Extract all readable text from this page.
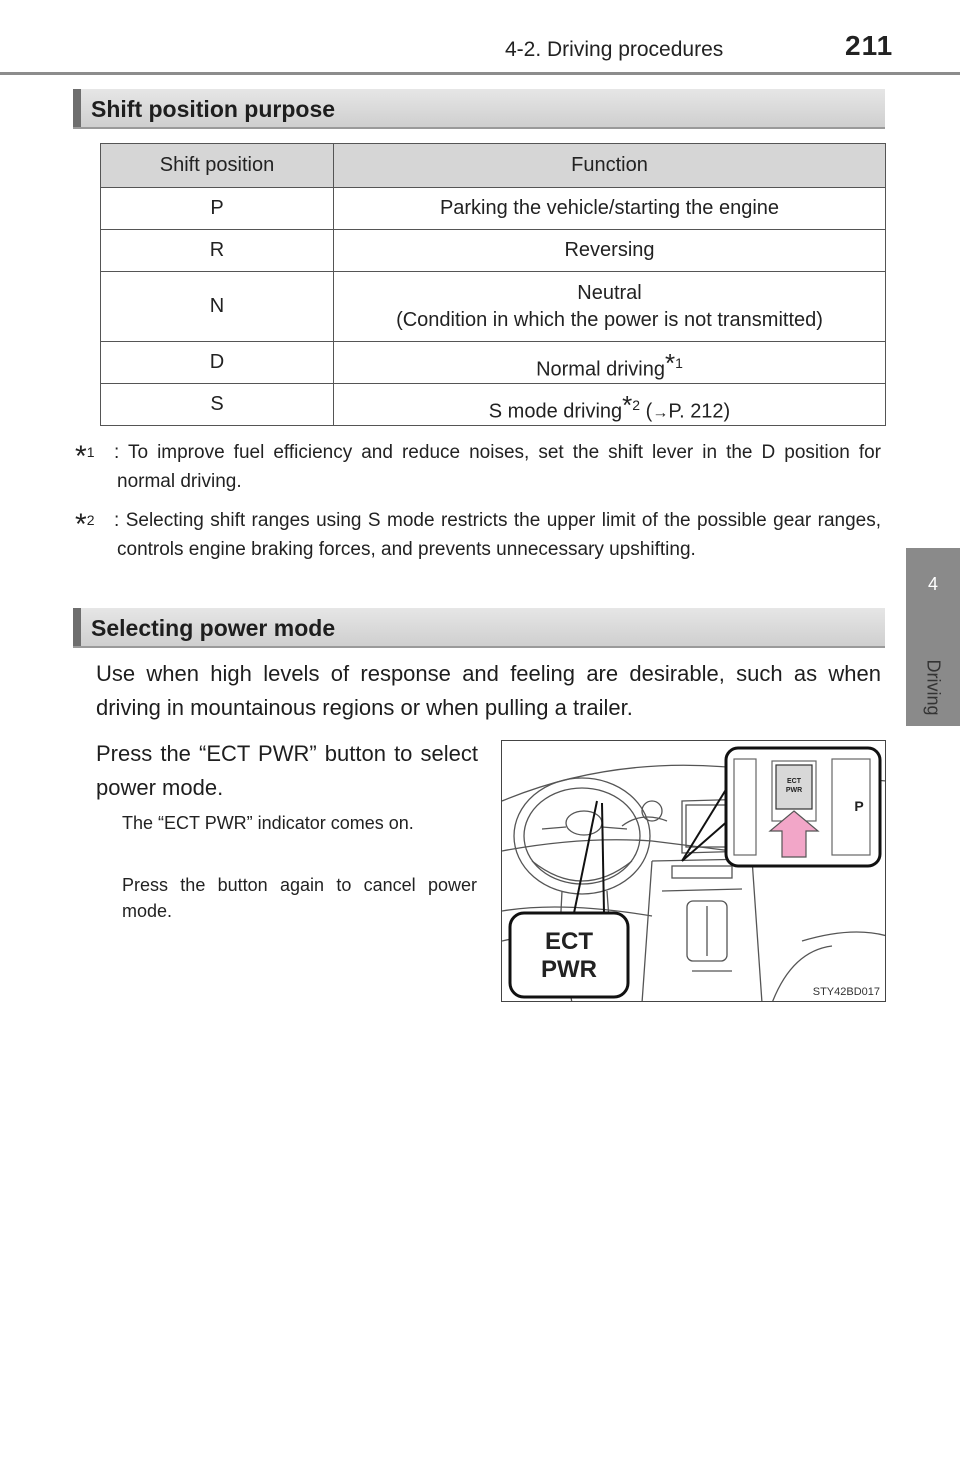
4-2. Driving procedures	211
4
Driving
Shift position purpose
Shift position	Function
P	Parking the vehicle/starting the engine
R	Reversing
N	Neutral
(Condition in which the power is not transmitted)

D	Normal driving$^{*1}$
S	S mode driving$^{*2}$ (→P. 212)
*$^1$ : To improve fuel efficiency and reduce noises, set the shift lever in the D position for normal driving.
*$^2$ : Selecting shift ranges using S mode restricts the upper limit of the possible gear ranges, controls engine braking forces, and prevents unnecessary upshifting.
Selecting power mode
Use when high levels of response and feeling are desirable, such as when driving in mountainous regions or when pulling a trailer.
Press the “ECT PWR” button to select power mode.
The “ECT PWR” indicator comes on.
Press the button again to cancel power mode.
ECT
PWR
P
ECT
PWR
STY42BD017
